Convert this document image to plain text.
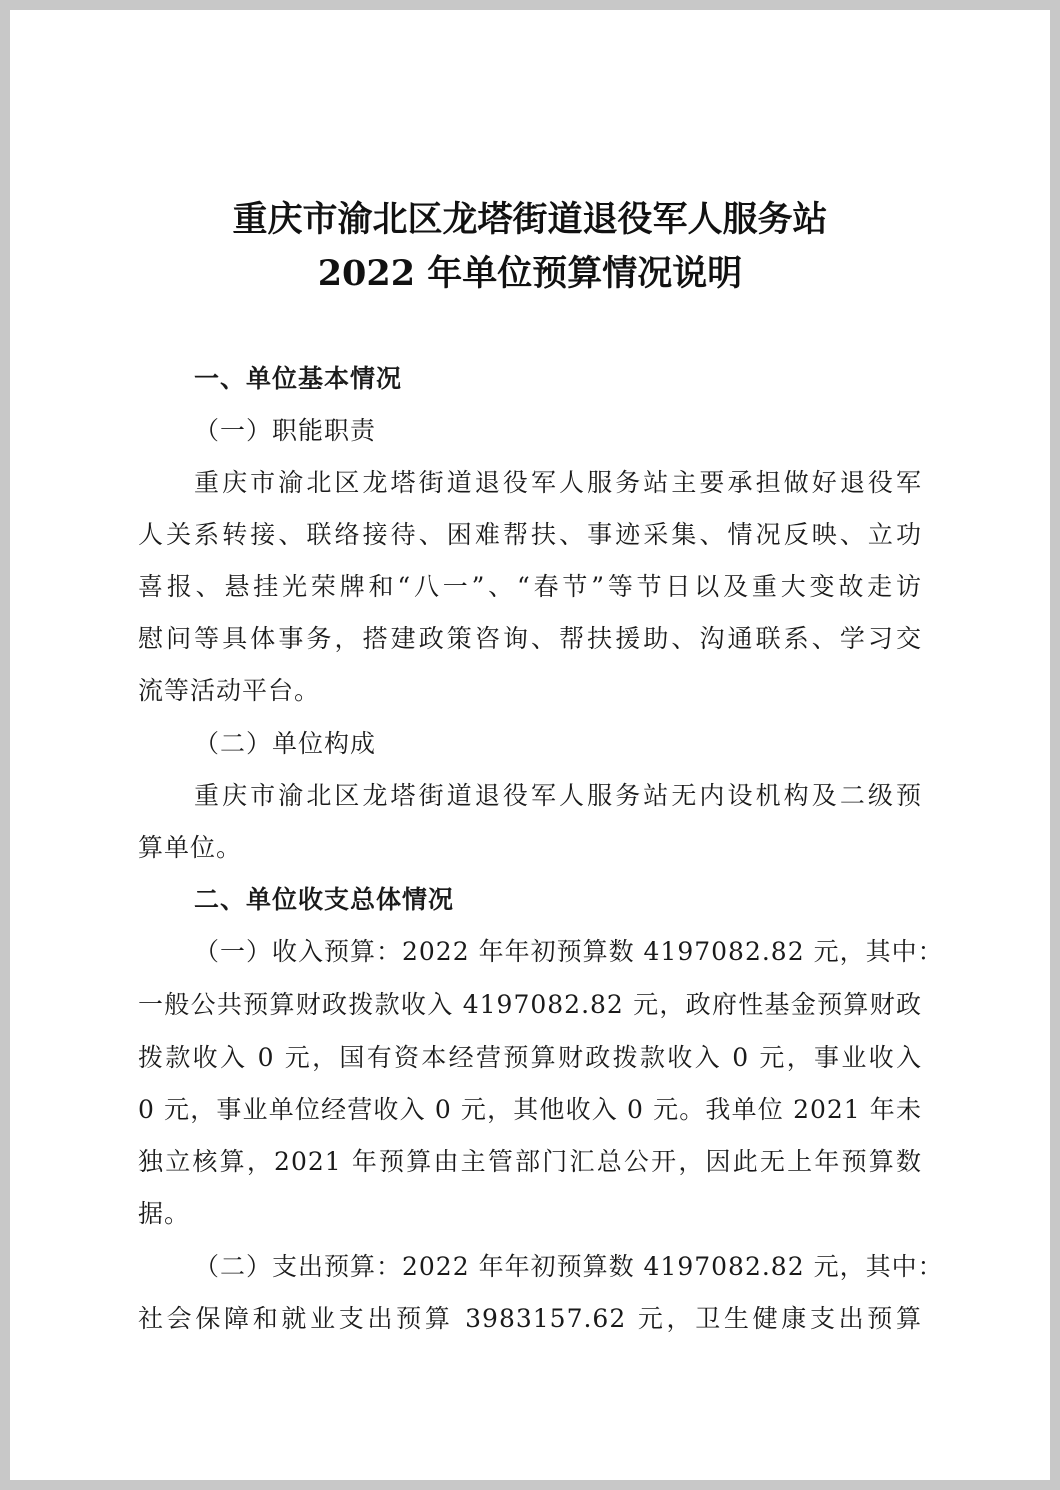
重庆市渝北区龙塔街道退役军人服务站
2022 年单位预算情况说明
一、单位基本情况
（一）职能职责
重庆市渝北区龙塔街道退役军人服务站主要承担做好退役军
人关系转接、联络接待、困难帮扶、事迹采集、情况反映、立功
喜报、悬挂光荣牌和“八一”、“春节”等节日以及重大变故走访
慰问等具体事务，搭建政策咨询、帮扶援助、沟通联系、学习交
流等活动平台。
（二）单位构成
重庆市渝北区龙塔街道退役军人服务站无内设机构及二级预
算单位。
二、单位收支总体情况
（一）收入预算：2022 年年初预算数 4197082.82 元，其中：
一般公共预算财政拨款收入 4197082.82 元，政府性基金预算财政
拨款收入 0 元，国有资本经营预算财政拨款收入 0 元，事业收入
0 元，事业单位经营收入 0 元，其他收入 0 元。我单位 2021 年未
独立核算，2021 年预算由主管部门汇总公开，因此无上年预算数
据。
（二）支出预算：2022 年年初预算数 4197082.82 元，其中：
社会保障和就业支出预算 3983157.62 元，卫生健康支出预算
